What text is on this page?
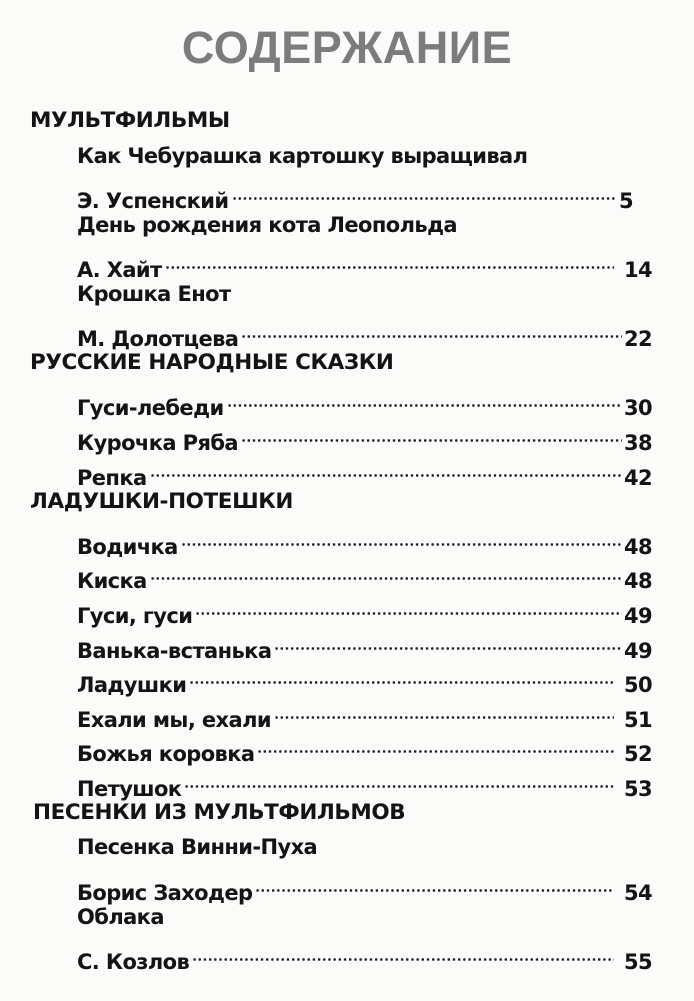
СОДЕРЖАНИЕ
МУЛЬТФИЛЬМЫ
Как Чебурашка картошку выращивал
Э. Успенский	5
День рождения кота Леопольда
А. Хайт	14
Крошка Енот
М. Долотцева	22
РУССКИЕ НАРОДНЫЕ СКАЗКИ
Гуси-лебеди	30
Курочка Ряба	38
Репка	42
ЛАДУШКИ-ПОТЕШКИ
Водичка	48
Киска	48
Гуси, гуси	49
Ванька-встанька	49
Ладушки	50
Ехали мы, ехали	51
Божья коровка	52
Петушок	53
ПЕСЕНКИ ИЗ МУЛЬТФИЛЬМОВ
Песенка Винни-Пуха
Борис Заходер	54
Облака
С. Козлов	55
